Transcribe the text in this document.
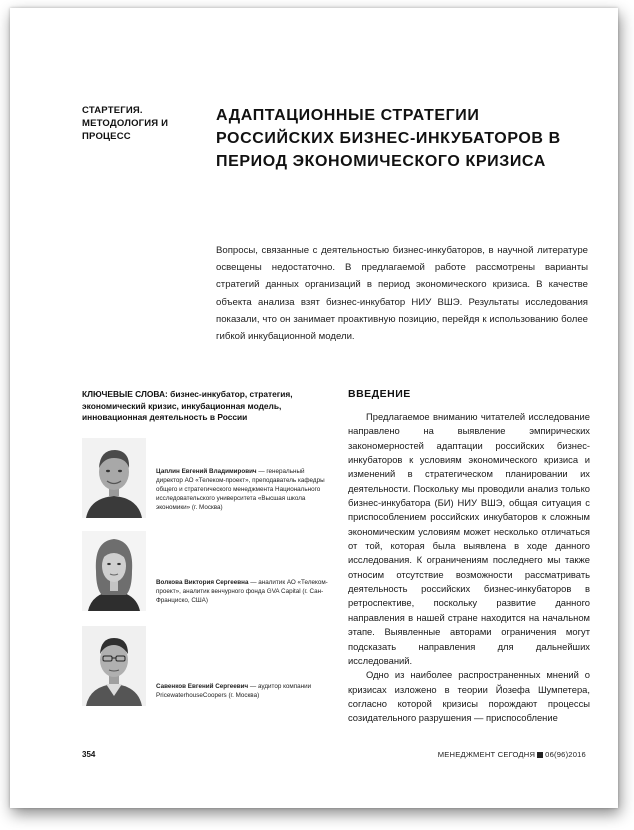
СТАРТЕГИЯ. МЕТОДОЛОГИЯ И ПРОЦЕСС
АДАПТАЦИОННЫЕ СТРАТЕГИИ РОССИЙСКИХ БИЗНЕС-ИНКУБАТОРОВ В ПЕРИОД ЭКОНОМИЧЕСКОГО КРИЗИСА
Вопросы, связанные с деятельностью бизнес-инкубаторов, в научной литературе освещены недостаточно. В предлагаемой работе рассмотрены варианты стратегий данных организаций в период экономического кризиса. В качестве объекта анализа взят бизнес-инкубатор НИУ ВШЭ. Результаты исследования показали, что он занимает проактивную позицию, перейдя к использованию более гибкой инкубационной модели.
КЛЮЧЕВЫЕ СЛОВА: бизнес-инкубатор, стратегия, экономический кризис, инкубационная модель, инновационная деятельность в России
Цаплин Евгений Владимирович — генеральный директор АО «Телеком-проект», преподаватель кафедры общего и стратегического менеджмента Национального исследовательского университета «Высшая школа экономики» (г. Москва)
Волкова Виктория Сергеевна — аналитик АО «Телеком-проект», аналитик венчурного фонда GVA Capital (г. Сан-Франциско, США)
Савенков Евгений Сергеевич — аудитор компании PricewaterhouseCoopers (г. Москва)
ВВЕДЕНИЕ

Предлагаемое вниманию читателей исследование направлено на выявление эмпирических закономерностей адаптации российских бизнес-инкубаторов к условиям экономического кризиса и изменений в стратегическом планировании их деятельности. Поскольку мы проводили анализ только бизнес-инкубатора (БИ) НИУ ВШЭ, общая ситуация с приспособлением российских инкубаторов к сложным экономическим условиям может несколько отличаться от той, которая была выявлена в ходе данного исследования. К ограничениям последнего мы также относим отсутствие возможности рассматривать деятельность российских бизнес-инкубаторов в ретроспективе, поскольку развитие данного направления в нашей стране находится на начальном этапе. Выявленные авторами ограничения могут подсказать направления для дальнейших исследований.

Одно из наиболее распространенных мнений о кризисах изложено в теории Йозефа Шумпетера, согласно которой кризисы порождают процессы созидательного разрушения — приспособление

354	МЕНЕДЖМЕНТ СЕГОДНЯ 06(96)2016
